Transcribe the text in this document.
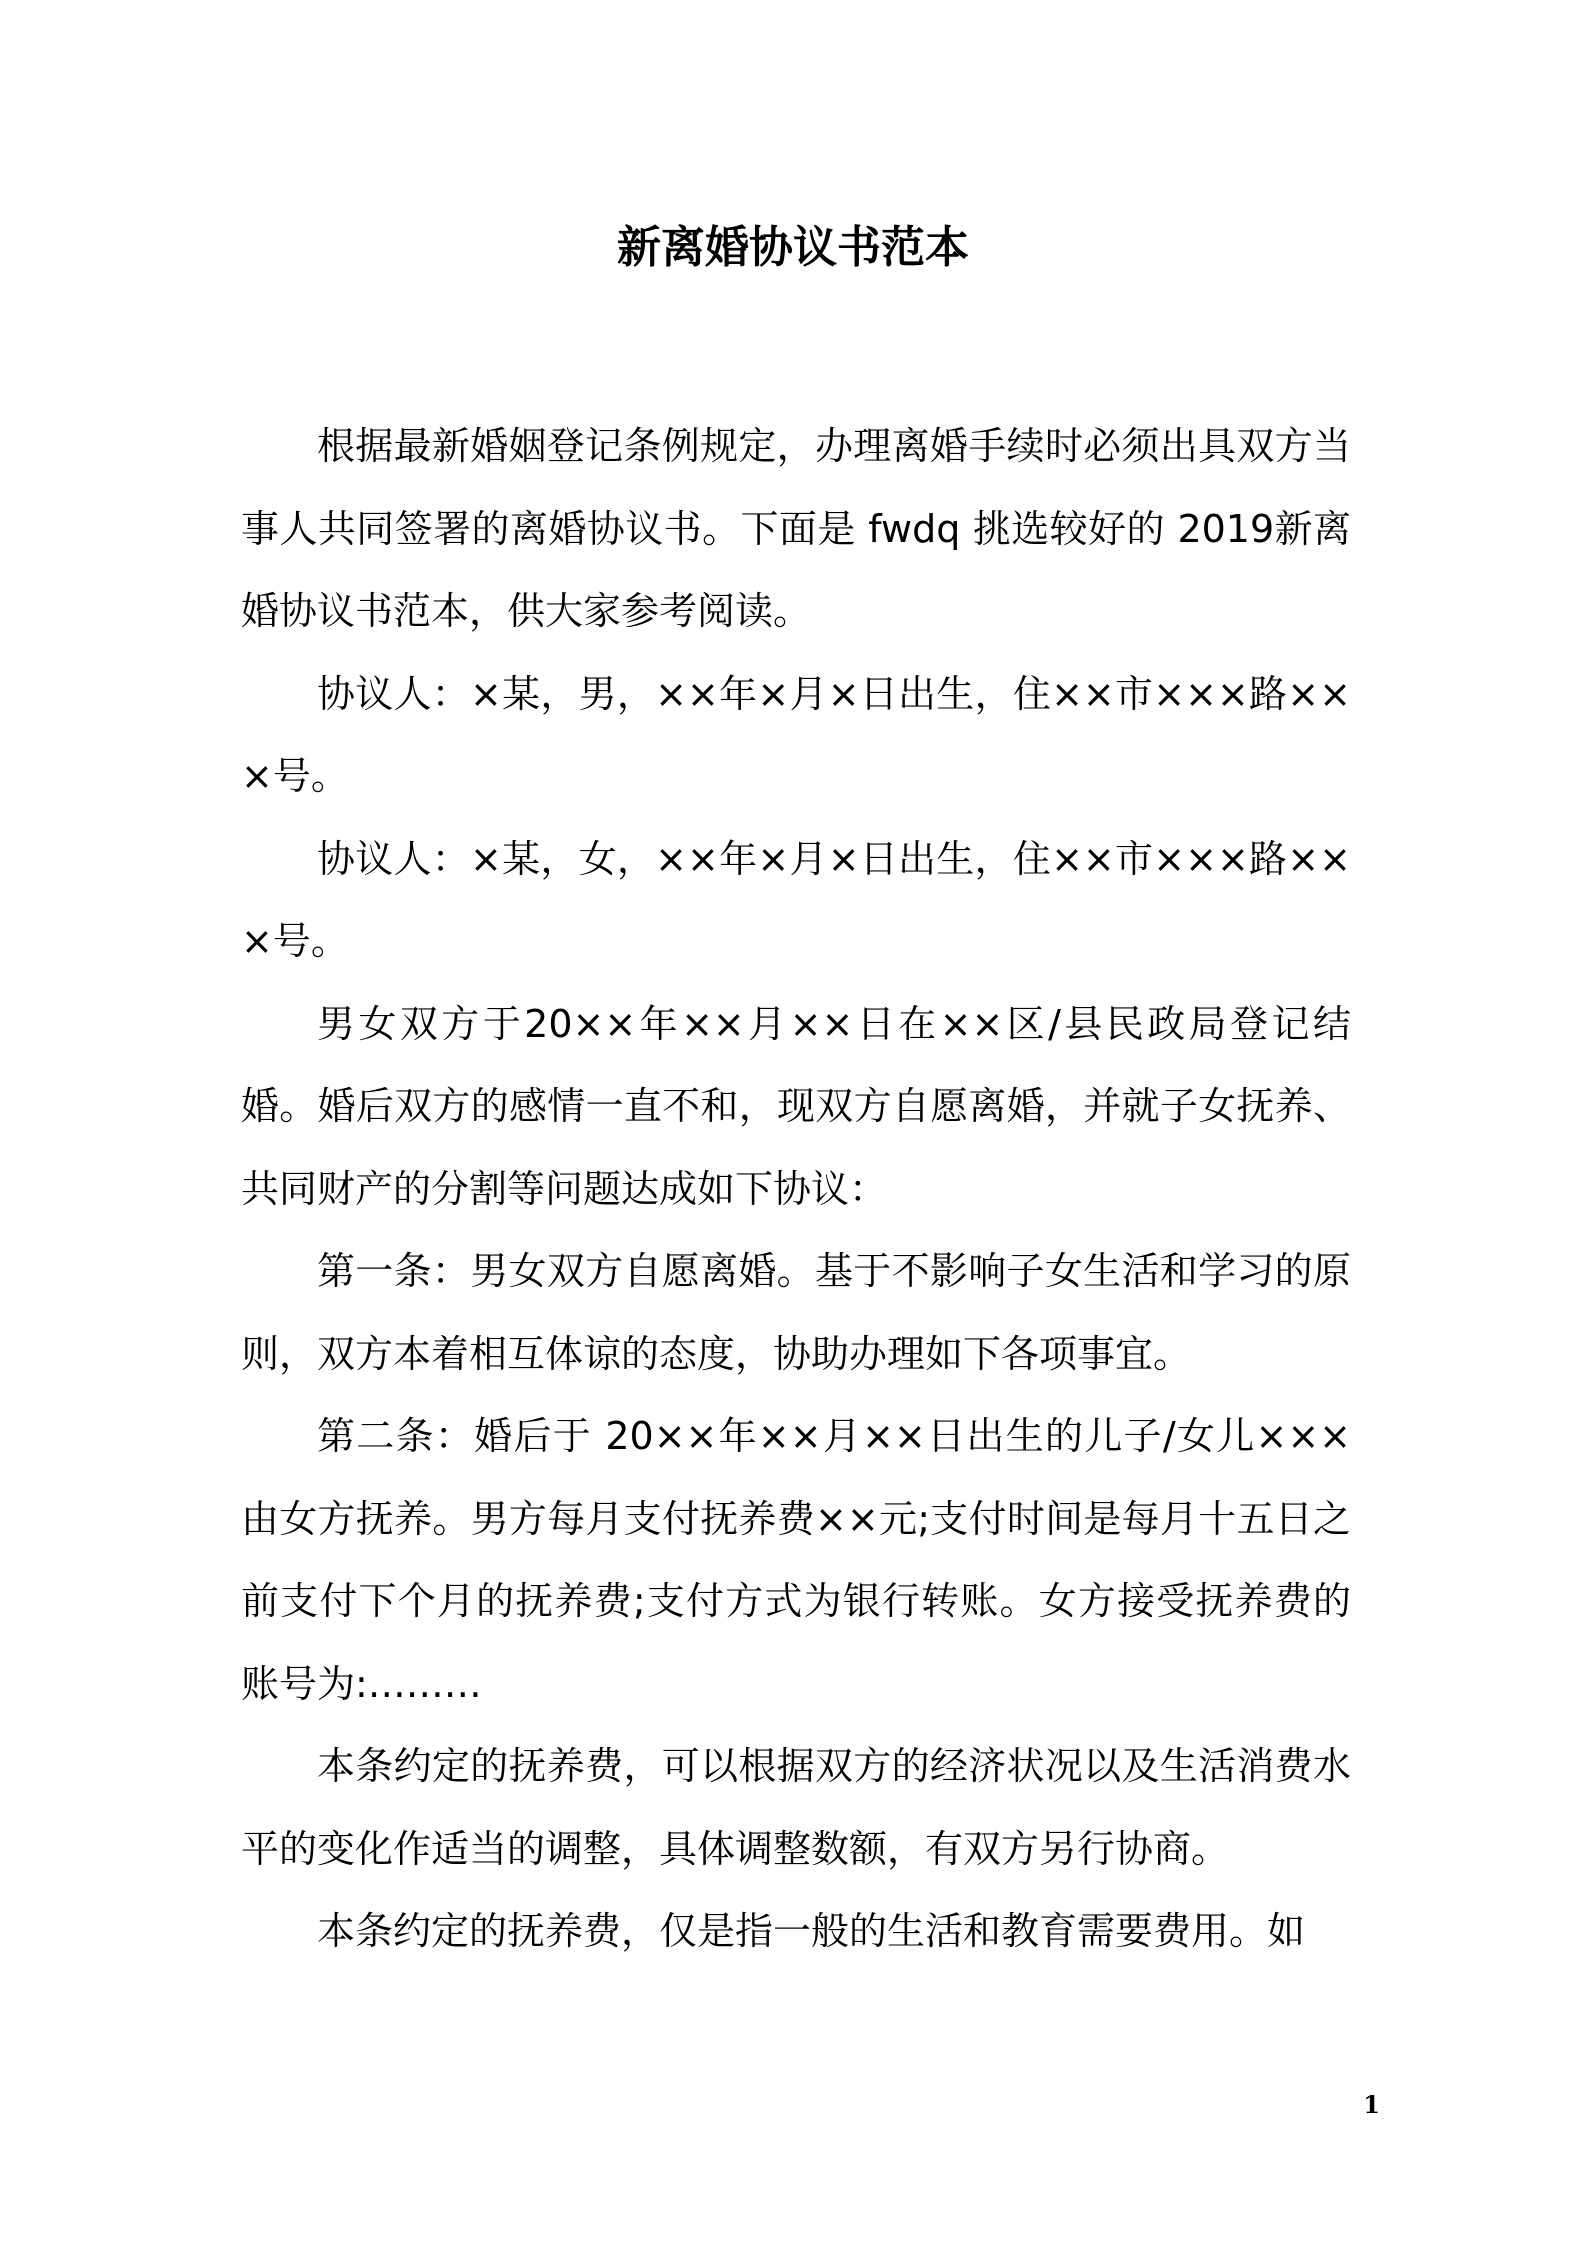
新离婚协议书范本

根据最新婚姻登记条例规定，办理离婚手续时必须出具双方当事人共同签署的离婚协议书。下面是 fwdq 挑选较好的 2019新离婚协议书范本，供大家参考阅读。

协议人：×某，男，××年×月×日出生，住××市×××路×××号。

协议人：×某，女，××年×月×日出生，住××市×××路×××号。

男女双方于20××年××月××日在××区/县民政局登记结婚。婚后双方的感情一直不和，现双方自愿离婚，并就子女抚养、共同财产的分割等问题达成如下协议：

第一条：男女双方自愿离婚。基于不影响子女生活和学习的原则，双方本着相互体谅的态度，协助办理如下各项事宜。

第二条：婚后于 20××年××月××日出生的儿子/女儿×××由女方抚养。男方每月支付抚养费××元;支付时间是每月十五日之前支付下个月的抚养费;支付方式为银行转账。女方接受抚养费的账号为:………

本条约定的抚养费，可以根据双方的经济状况以及生活消费水平的变化作适当的调整，具体调整数额，有双方另行协商。

本条约定的抚养费，仅是指一般的生活和教育需要费用。如

1
